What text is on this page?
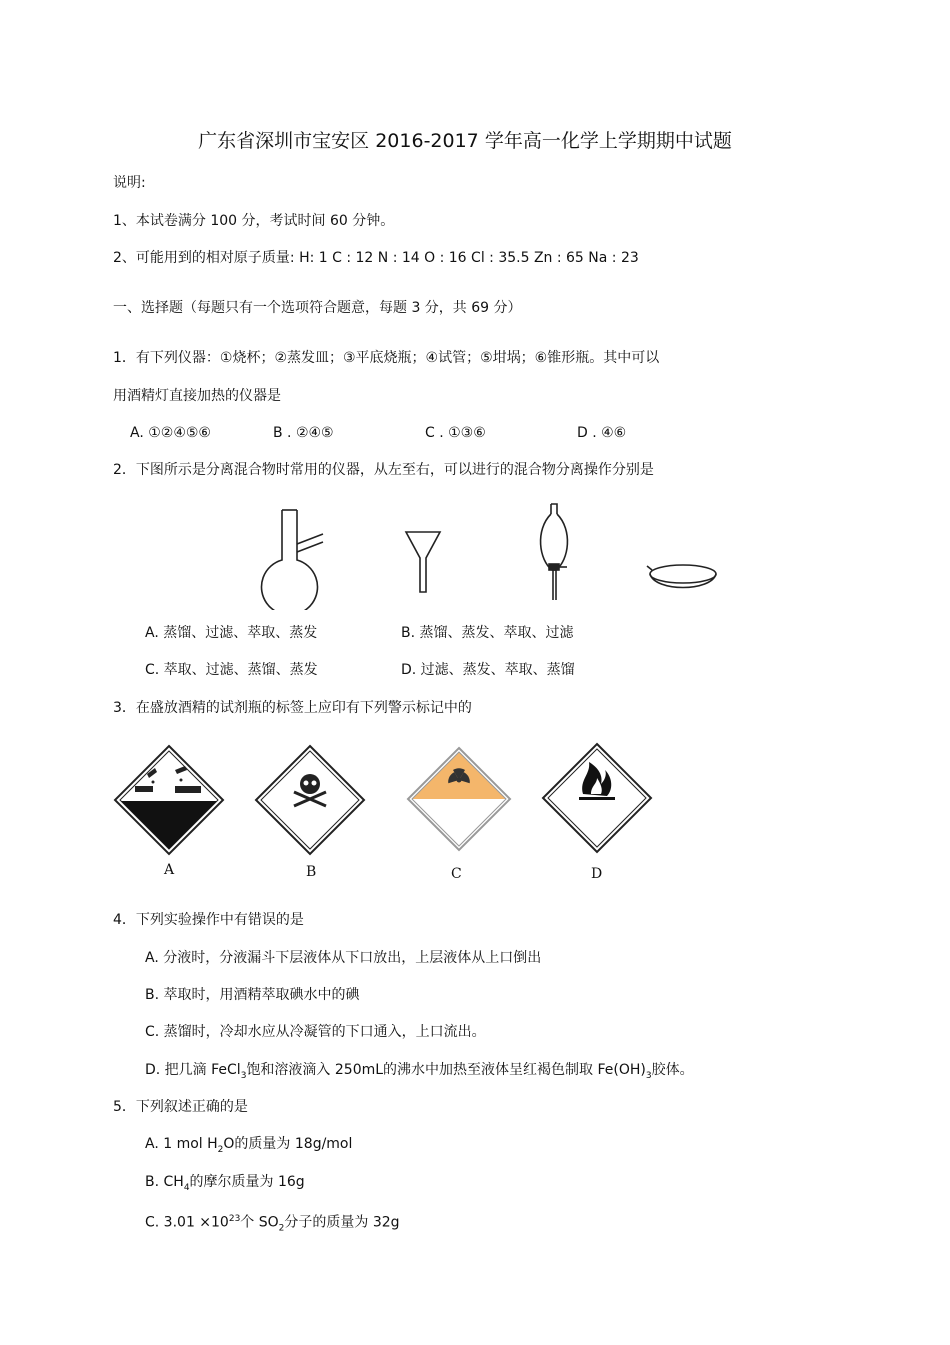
广东省深圳市宝安区 2016-2017 学年高一化学上学期期中试题
说明:
1、本试卷满分 100 分，考试时间 60 分钟。
2、可能用到的相对原子质量: H: 1 C : 12 N : 14 O : 16 Cl : 35.5 Zn : 65 Na : 23
一、选择题（每题只有一个选项符合题意，每题 3 分，共 69 分）
1．有下列仪器：①烧杯；②蒸发皿；③平底烧瓶；④试管；⑤坩埚；⑥锥形瓶。其中可以
用酒精灯直接加热的仪器是
A. ①②④⑤⑥	B . ②④⑤	C . ①③⑥	D . ④⑥
2．下图所示是分离混合物时常用的仪器，从左至右，可以进行的混合物分离操作分别是
A. 蒸馏、过滤、萃取、蒸发	B. 蒸馏、蒸发、萃取、过滤
C. 萃取、过滤、蒸馏、蒸发	D. 过滤、蒸发、萃取、蒸馏
3．在盛放酒精的试剂瓶的标签上应印有下列警示标记中的
A	B	C	D
4．下列实验操作中有错误的是
A. 分液时，分液漏斗下层液体从下口放出，上层液体从上口倒出
B. 萃取时，用酒精萃取碘水中的碘
C. 蒸馏时，冷却水应从冷凝管的下口通入，上口流出。
D. 把几滴 FeCl$_3$饱和溶液滴入 250mL的沸水中加热至液体呈红褐色制取 $Fe(OH)_3$胶体。
5．下列叙述正确的是
A. 1 mol $H_2O$的质量为 18g/mol
B. $CH_4$的摩尔质量为 16g
C. $3.01 \times 10^{23}$个 $SO_2$分子的质量为 32g
